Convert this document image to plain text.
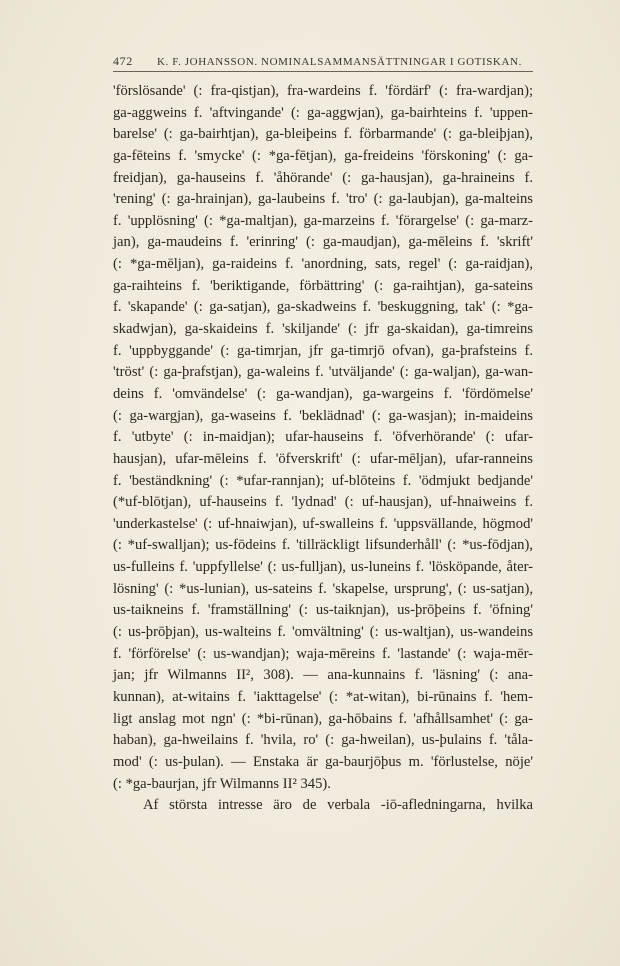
472 K. F. JOHANSSON. NOMINALSAMMANSÄTTNINGAR I GOTISKAN.
'förslösande' (: fra-qistjan), fra-wardeins f. 'fördärf' (: fra-wardjan);
ga-aggweins f. 'aftvingande' (: ga-aggwjan), ga-bairhteins f. 'uppen-
barelse' (: ga-bairhtjan), ga-bleiþeins f. förbarmande' (: ga-bleiþjan),
ga-fēteins f. 'smycke' (: *ga-fētjan), ga-freideins 'förskoning' (: ga-
freidjan), ga-hauseins f. 'åhörande' (: ga-hausjan), ga-hraineins f.
'rening' (: ga-hrainjan), ga-laubeins f. 'tro' (: ga-laubjan), ga-malteins
f. 'upplösning' (: *ga-maltjan), ga-marzeins f. 'förargelse' (: ga-marz-
jan), ga-maudeins f. 'erinring' (: ga-maudjan), ga-mēleins f. 'skrift'
(: *ga-mēljan), ga-raideins f. 'anordning, sats, regel' (: ga-raidjan),
ga-raihteins f. 'beriktigande, förbättring' (: ga-raihtjan), ga-sateins
f. 'skapande' (: ga-satjan), ga-skadweins f. 'beskuggning, tak' (: *ga-
skadwjan), ga-skaideins f. 'skiljande' (: jfr ga-skaidan), ga-timreins
f. 'uppbyggande' (: ga-timrjan, jfr ga-timrjō ofvan), ga-þrafsteins f.
'tröst' (: ga-þrafstjan), ga-waleins f. 'utväljande' (: ga-waljan), ga-wan-
deins f. 'omvändelse' (: ga-wandjan), ga-wargeins f. 'fördömelse'
(: ga-wargjan), ga-waseins f. 'beklädnad' (: ga-wasjan); in-maideins
f. 'utbyte' (: in-maidjan); ufar-hauseins f. 'öfverhörande' (: ufar-
hausjan), ufar-mēleins f. 'öfverskrift' (: ufar-mēljan), ufar-ranneins
f. 'beständkning' (: *ufar-rannjan); uf-blōteins f. 'ödmjukt bedjande'
(*uf-blōtjan), uf-hauseins f. 'lydnad' (: uf-hausjan), uf-hnaiweins f.
'underkastelse' (: uf-hnaiwjan), uf-swalleins f. 'uppsvällande, högmod'
(: *uf-swalljan); us-fōdeins f. 'tillräckligt lifsunderhåll' (: *us-fōdjan),
us-fulleins f. 'uppfyllelse' (: us-fulljan), us-luneins f. 'lösköpande, åter-
lösning' (: *us-lunian), us-sateins f. 'skapelse, ursprung', (: us-satjan),
us-taikneins f. 'framställning' (: us-taiknjan), us-þrōþeins f. 'öfning'
(: us-þrōþjan), us-walteins f. 'omvältning' (: us-waltjan), us-wandeins
f. 'förförelse' (: us-wandjan); waja-mēreins f. 'lastande' (: waja-mēr-
jan; jfr Wilmanns II², 308). — ana-kunnains f. 'läsning' (: ana-
kunnan), at-witains f. 'iakttagelse' (: *at-witan), bi-rūnains f. 'hem-
ligt anslag mot ngn' (: *bi-rūnan), ga-hōbains f. 'afhållsamhet' (: ga-
haban), ga-hweilains f. 'hvila, ro' (: ga-hweilan), us-þulains f. 'tåla-
mod' (: us-þulan). — Enstaka är ga-baurjōþus m. 'förlustelse, nöje'
(: *ga-baurjan, jfr Wilmanns II² 345).
Af största intresse äro de verbala -iō-afledningarna, hvilka
